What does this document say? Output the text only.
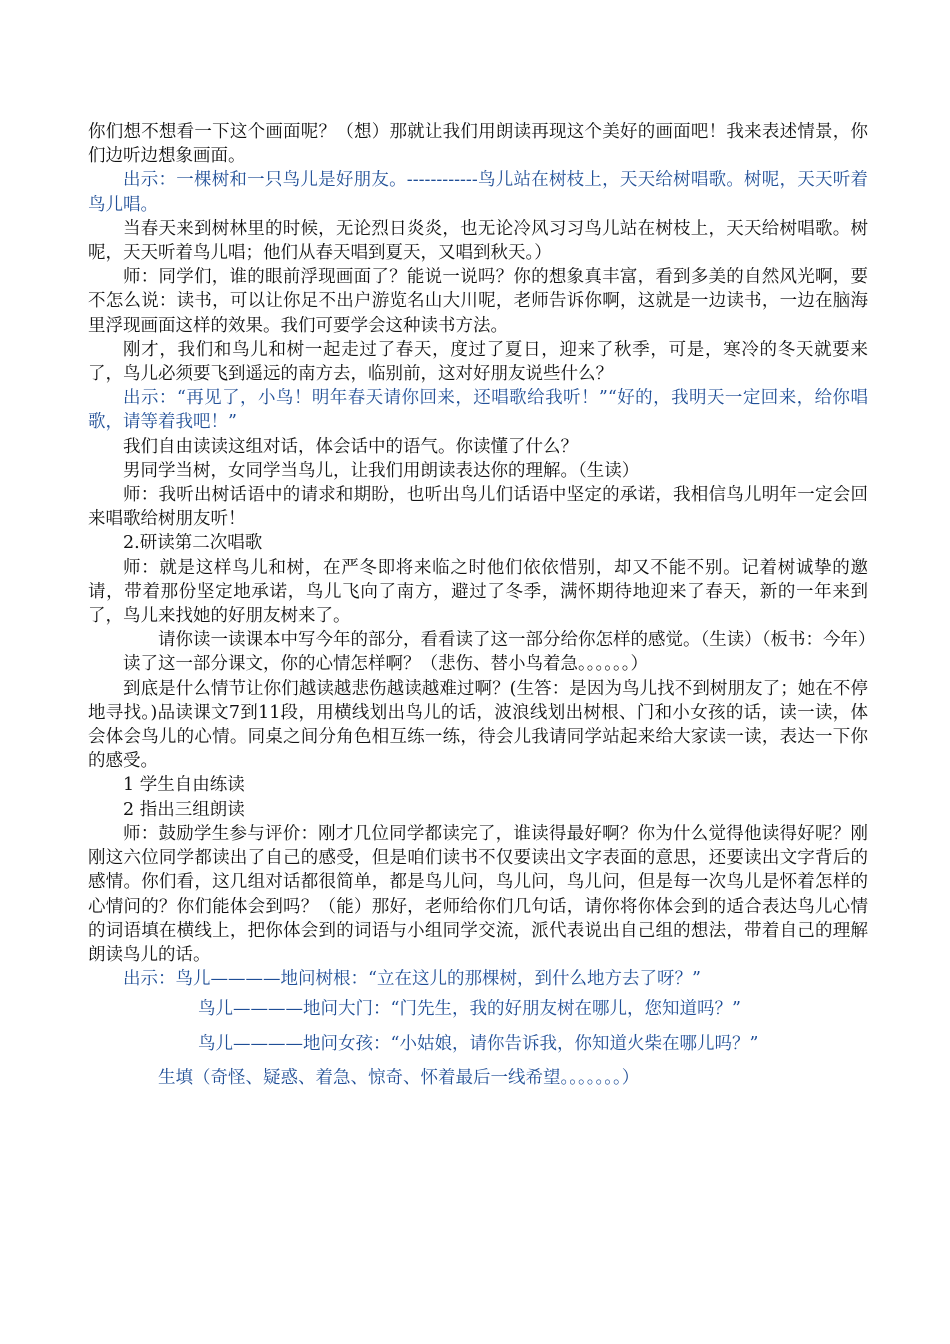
你们想不想看一下这个画面呢？（想）那就让我们用朗读再现这个美好的画面吧！我来表述情景，你们边听边想象画面。

出示：一棵树和一只鸟儿是好朋友。------------鸟儿站在树枝上，天天给树唱歌。树呢，天天听着鸟儿唱。

当春天来到树林里的时候，无论烈日炎炎，也无论冷风习习鸟儿站在树枝上，天天给树唱歌。树呢，天天听着鸟儿唱；他们从春天唱到夏天，又唱到秋天。）

师：同学们，谁的眼前浮现画面了？能说一说吗？你的想象真丰富，看到多美的自然风光啊，要不怎么说：读书，可以让你足不出户游览名山大川呢，老师告诉你啊，这就是一边读书，一边在脑海里浮现画面这样的效果。我们可要学会这种读书方法。

刚才，我们和鸟儿和树一起走过了春天，度过了夏日，迎来了秋季，可是，寒冷的冬天就要来了，鸟儿必须要飞到遥远的南方去，临别前，这对好朋友说些什么？

出示：“再见了，小鸟！明年春天请你回来，还唱歌给我听！”“好的，我明天一定回来，给你唱歌，请等着我吧！”

我们自由读读这组对话，体会话中的语气。你读懂了什么？

男同学当树，女同学当鸟儿，让我们用朗读表达你的理解。（生读）

师：我听出树话语中的请求和期盼，也听出鸟儿们话语中坚定的承诺，我相信鸟儿明年一定会回来唱歌给树朋友听！

2.研读第二次唱歌

师：就是这样鸟儿和树，在严冬即将来临之时他们依依惜别，却又不能不别。记着树诚挚的邀请，带着那份坚定地承诺，鸟儿飞向了南方，避过了冬季，满怀期待地迎来了春天，新的一年来到了，鸟儿来找她的好朋友树来了。

请你读一读课本中写今年的部分，看看读了这一部分给你怎样的感觉。（生读）（板书：今年）

读了这一部分课文，你的心情怎样啊？（悲伤、替小鸟着急。。。。。。）

到底是什么情节让你们越读越悲伤越读越难过啊？(生答：是因为鸟儿找不到树朋友了；她在不停地寻找。)品读课文7到11段，用横线划出鸟儿的话，波浪线划出树根、门和小女孩的话，读一读，体会体会鸟儿的心情。同桌之间分角色相互练一练，待会儿我请同学站起来给大家读一读，表达一下你的感受。

1 学生自由练读

2 指出三组朗读

师：鼓励学生参与评价：刚才几位同学都读完了，谁读得最好啊？你为什么觉得他读得好呢？刚刚这六位同学都读出了自己的感受，但是咱们读书不仅要读出文字表面的意思，还要读出文字背后的感情。你们看，这几组对话都很简单，都是鸟儿问，鸟儿问，鸟儿问，但是每一次鸟儿是怀着怎样的心情问的？你们能体会到吗？（能）那好，老师给你们几句话，请你将你体会到的适合表达鸟儿心情的词语填在横线上，把你体会到的词语与小组同学交流，派代表说出自己组的想法，带着自己的理解朗读鸟儿的话。

出示：鸟儿————地问树根：“立在这儿的那棵树，到什么地方去了呀？”

鸟儿————地问大门：“门先生，我的好朋友树在哪儿，您知道吗？”

鸟儿————地问女孩：“小姑娘，请你告诉我，你知道火柴在哪儿吗？”

生填（奇怪、疑惑、着急、惊奇、怀着最后一线希望。。。。。。。）
